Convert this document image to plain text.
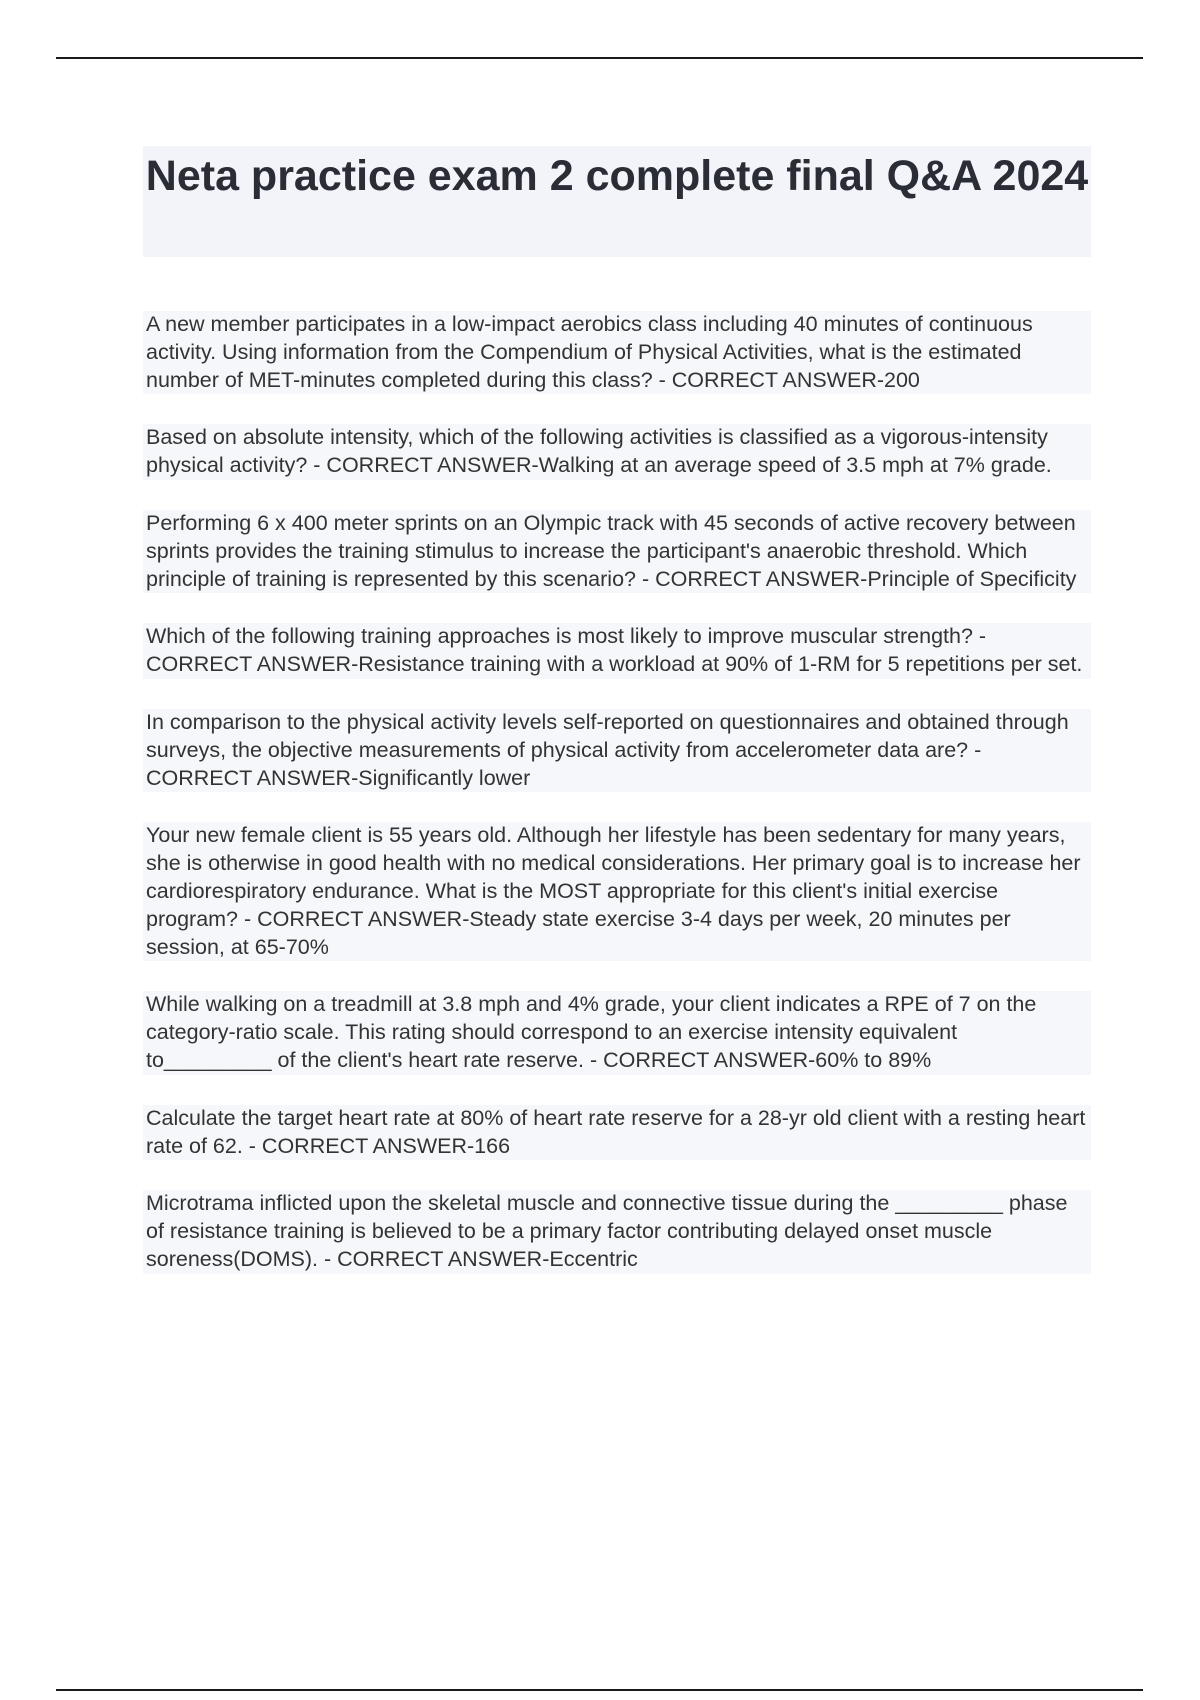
Neta practice exam 2 complete final Q&A 2024

A new member participates in a low-impact aerobics class including 40 minutes of continuous activity. Using information from the Compendium of Physical Activities, what is the estimated number of MET-minutes completed during this class? - CORRECT ANSWER-200

Based on absolute intensity, which of the following activities is classified as a vigorous-intensity physical activity? - CORRECT ANSWER-Walking at an average speed of 3.5 mph at 7% grade.

Performing 6 x 400 meter sprints on an Olympic track with 45 seconds of active recovery between sprints provides the training stimulus to increase the participant's anaerobic threshold. Which principle of training is represented by this scenario? - CORRECT ANSWER-Principle of Specificity

Which of the following training approaches is most likely to improve muscular strength? - CORRECT ANSWER-Resistance training with a workload at 90% of 1-RM for 5 repetitions per set.

In comparison to the physical activity levels self-reported on questionnaires and obtained through surveys, the objective measurements of physical activity from accelerometer data are? - CORRECT ANSWER-Significantly lower

Your new female client is 55 years old. Although her lifestyle has been sedentary for many years, she is otherwise in good health with no medical considerations. Her primary goal is to increase her cardiorespiratory endurance. What is the MOST appropriate for this client's initial exercise program? - CORRECT ANSWER-Steady state exercise 3-4 days per week, 20 minutes per session, at 65-70%

While walking on a treadmill at 3.8 mph and 4% grade, your client indicates a RPE of 7 on the category-ratio scale. This rating should correspond to an exercise intensity equivalent to_________ of the client's heart rate reserve. - CORRECT ANSWER-60% to 89%

Calculate the target heart rate at 80% of heart rate reserve for a 28-yr old client with a resting heart rate of 62. - CORRECT ANSWER-166

Microtrama inflicted upon the skeletal muscle and connective tissue during the _________ phase of resistance training is believed to be a primary factor contributing delayed onset muscle soreness(DOMS). - CORRECT ANSWER-Eccentric
